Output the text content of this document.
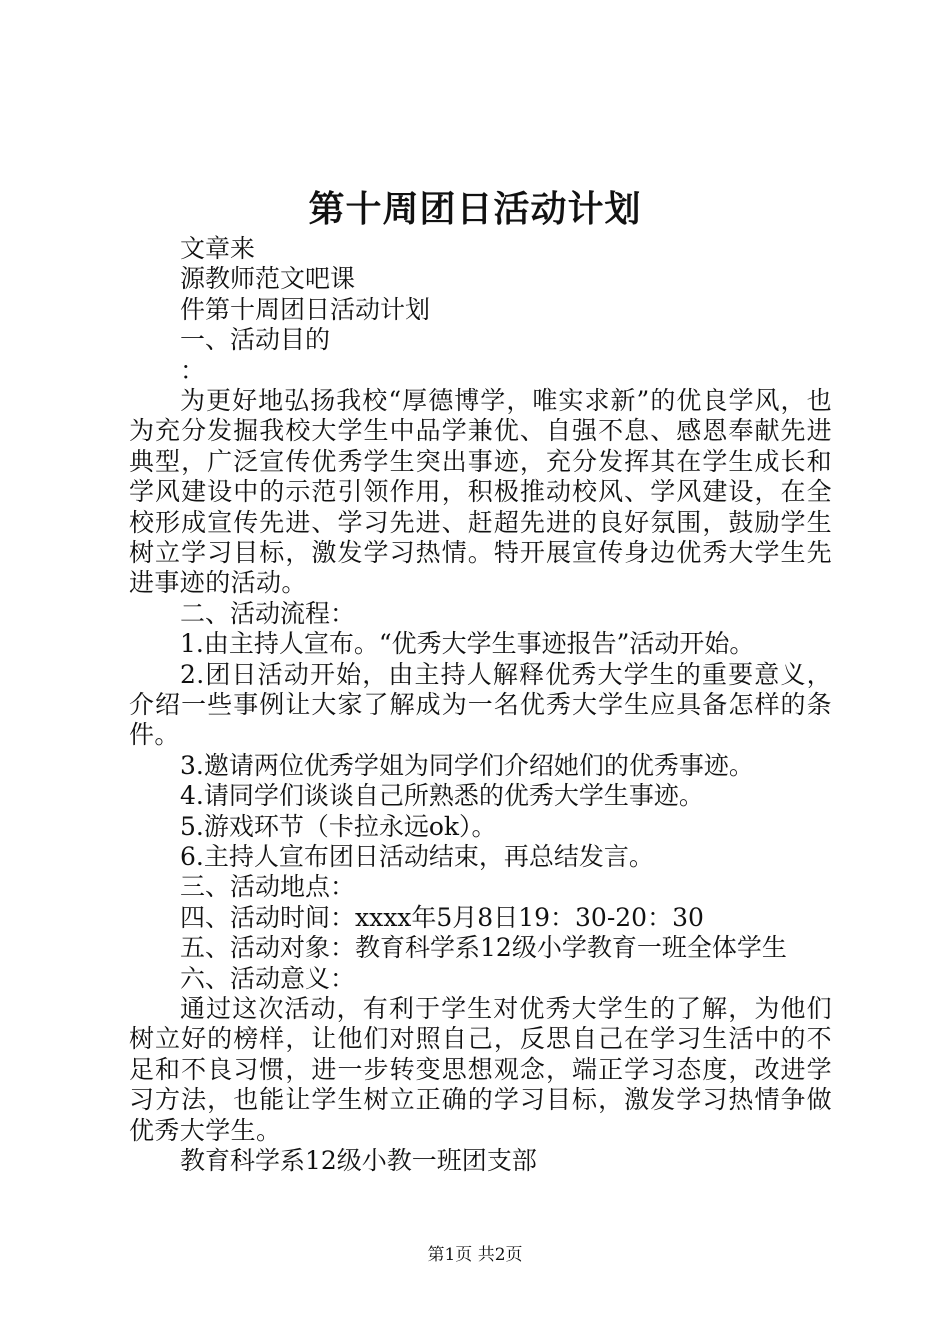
第十周团日活动计划
文章来
源教师范文吧课
件第十周团日活动计划
一、活动目的
：
为更好地弘扬我校“厚德博学，唯实求新”的优良学风，也为充分发掘我校大学生中品学兼优、自强不息、感恩奉献先进典型，广泛宣传优秀学生突出事迹，充分发挥其在学生成长和学风建设中的示范引领作用，积极推动校风、学风建设，在全校形成宣传先进、学习先进、赶超先进的良好氛围，鼓励学生树立学习目标，激发学习热情。特开展宣传身边优秀大学生先进事迹的活动。
二、活动流程：
1.由主持人宣布。“优秀大学生事迹报告”活动开始。
2.团日活动开始，由主持人解释优秀大学生的重要意义，介绍一些事例让大家了解成为一名优秀大学生应具备怎样的条件。
3.邀请两位优秀学姐为同学们介绍她们的优秀事迹。
4.请同学们谈谈自己所熟悉的优秀大学生事迹。
5.游戏环节（卡拉永远ok）。
6.主持人宣布团日活动结束，再总结发言。
三、活动地点：
四、活动时间：xxxx年5月8日19：30-20：30
五、活动对象：教育科学系12级小学教育一班全体学生
六、活动意义：
通过这次活动，有利于学生对优秀大学生的了解，为他们树立好的榜样，让他们对照自己，反思自己在学习生活中的不足和不良习惯，进一步转变思想观念，端正学习态度，改进学习方法，也能让学生树立正确的学习目标，激发学习热情争做优秀大学生。
教育科学系12级小教一班团支部
第1页 共2页
